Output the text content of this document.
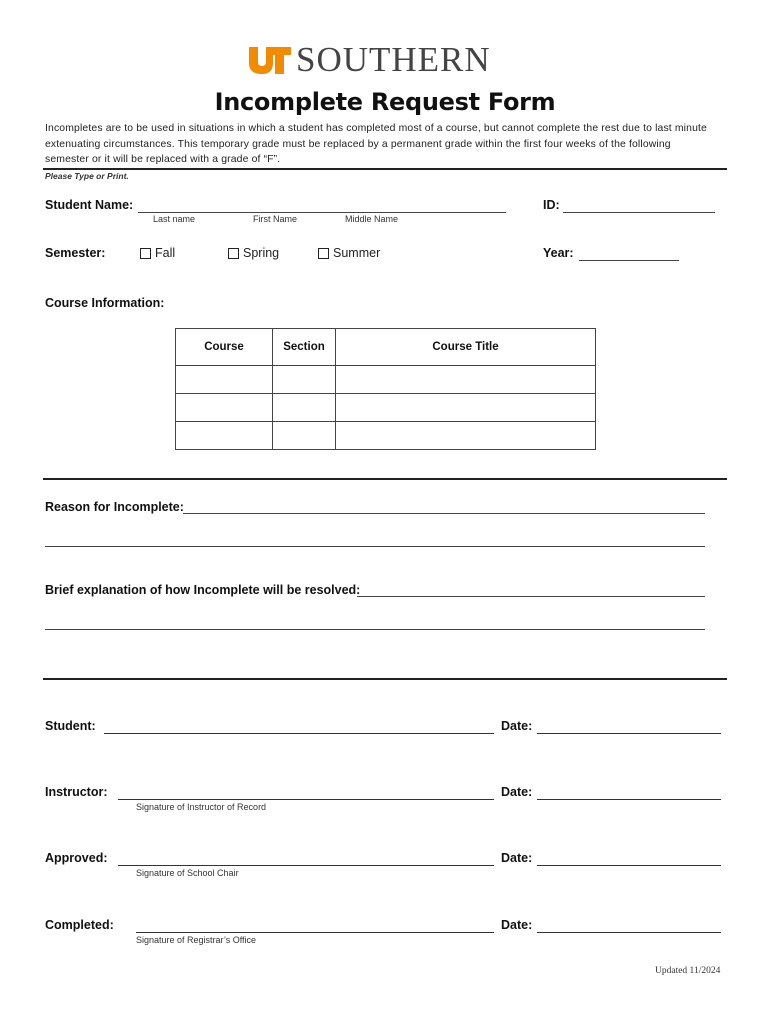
SOUTHERN
Incomplete Request Form
Incompletes are to be used in situations in which a student has completed most of a course, but cannot complete the rest due to last minute extenuating circumstances. This temporary grade must be replaced by a permanent grade within the first four weeks of the following semester or it will be replaced with a grade of “F”.
Please Type or Print.
Student Name:
Last name	First Name	Middle Name
ID:
Semester:	Fall	Spring	Summer	Year:
Course Information:
Course	Section	Course Title

Reason for Incomplete:
Brief explanation of how Incomplete will be resolved:
Student:	Date:
Instructor:
Signature of Instructor of Record
Date:
Approved:
Signature of School Chair
Date:
Completed:
Signature of Registrar’s Office
Date:
Updated 11/2024
